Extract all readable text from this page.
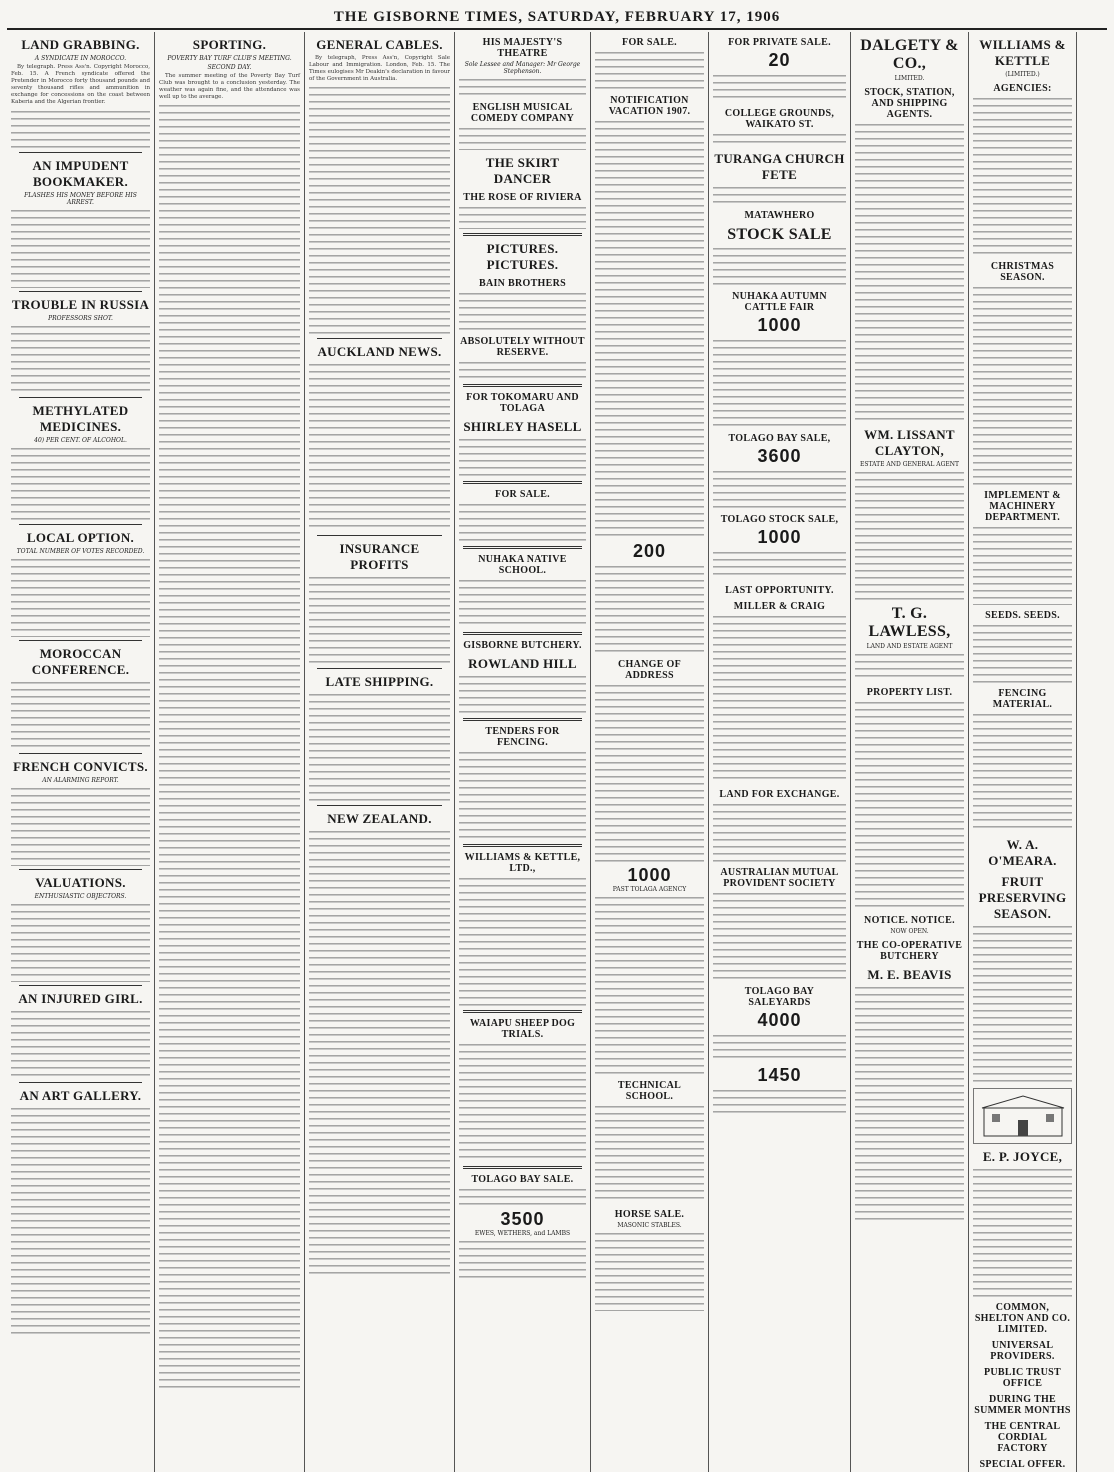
THE GISBORNE TIMES, SATURDAY, FEBRUARY 17, 1906
LAND GRABBING.
A SYNDICATE IN MOROCCO.

By telegraph. Press Ass'n. Copyright Morocco, Feb. 15. A French syndicate offered the Pretender in Morocco forty thousand pounds and seventy thousand rifles and ammunition in exchange for concessions on the coast between Kaberia and the Algerian frontier.

AN IMPUDENT BOOKMAKER.
FLASHES HIS MONEY BEFORE HIS ARREST.
TROUBLE IN RUSSIA
PROFESSORS SHOT.
METHYLATED MEDICINES.
40) PER CENT. OF ALCOHOL.
LOCAL OPTION.
TOTAL NUMBER OF VOTES RECORDED.
MOROCCAN CONFERENCE.
FRENCH CONVICTS.
AN ALARMING REPORT.
VALUATIONS.
ENTHUSIASTIC OBJECTORS.
AN INJURED GIRL.
AN ART GALLERY.
SPORTING.
POVERTY BAY TURF CLUB'S MEETING.
SECOND DAY.

The summer meeting of the Poverty Bay Turf Club was brought to a conclusion yesterday. The weather was again fine, and the attendance was well up to the average.

GENERAL CABLES.

By telegraph, Press Ass'n, Copyright Sale Labour and Immigration. London, Feb. 15. The Times eulogises Mr Deakin's declaration in favour of the Government in Australia.

AUCKLAND NEWS.
INSURANCE PROFITS
LATE SHIPPING.
NEW ZEALAND.
HIS MAJESTY'S THEATRE
Sole Lessee and Manager: Mr George Stephenson.
ENGLISH MUSICAL COMEDY COMPANY
THE SKIRT DANCER
THE ROSE OF RIVIERA
PICTURES. PICTURES.
BAIN BROTHERS
ABSOLUTELY WITHOUT RESERVE.
FOR TOKOMARU AND TOLAGA
SHIRLEY HASELL
FOR SALE.
NUHAKA NATIVE SCHOOL.
GISBORNE BUTCHERY.
ROWLAND HILL
TENDERS FOR FENCING.
WILLIAMS & KETTLE, LTD.,
WAIAPU SHEEP DOG TRIALS.
TOLAGO BAY SALE.
3500
EWES, WETHERS, and LAMBS
FOR SALE.
NOTIFICATION VACATION 1907.
200
CHANGE OF ADDRESS
1000
PAST TOLAGA AGENCY
TECHNICAL SCHOOL.
HORSE SALE.
MASONIC STABLES.
FOR PRIVATE SALE.
20
COLLEGE GROUNDS, WAIKATO ST.
TURANGA CHURCH FETE
MATAWHERO
STOCK SALE
NUHAKA AUTUMN CATTLE FAIR
1000
TOLAGO BAY SALE,
3600
TOLAGO STOCK SALE,
1000
LAST OPPORTUNITY.
MILLER & CRAIG
LAND FOR EXCHANGE.
AUSTRALIAN MUTUAL PROVIDENT SOCIETY
TOLAGO BAY SALEYARDS
4000
1450
DALGETY & CO.,
LIMITED.
STOCK, STATION, AND SHIPPING AGENTS.
WM. LISSANT CLAYTON,
ESTATE AND GENERAL AGENT
T. G. LAWLESS,
LAND AND ESTATE AGENT
PROPERTY LIST.
NOTICE. NOTICE.
NOW OPEN.
THE CO-OPERATIVE BUTCHERY
M. E. BEAVIS
WILLIAMS & KETTLE
(LIMITED.)
AGENCIES:
CHRISTMAS SEASON.
IMPLEMENT & MACHINERY DEPARTMENT.
SEEDS. SEEDS.
FENCING MATERIAL.
W. A. O'MEARA.
FRUIT PRESERVING SEASON.
E. P. JOYCE,
COMMON, SHELTON AND CO. LIMITED.
UNIVERSAL PROVIDERS.
PUBLIC TRUST OFFICE
DURING THE SUMMER MONTHS
THE CENTRAL CORDIAL FACTORY
SPECIAL OFFER.
